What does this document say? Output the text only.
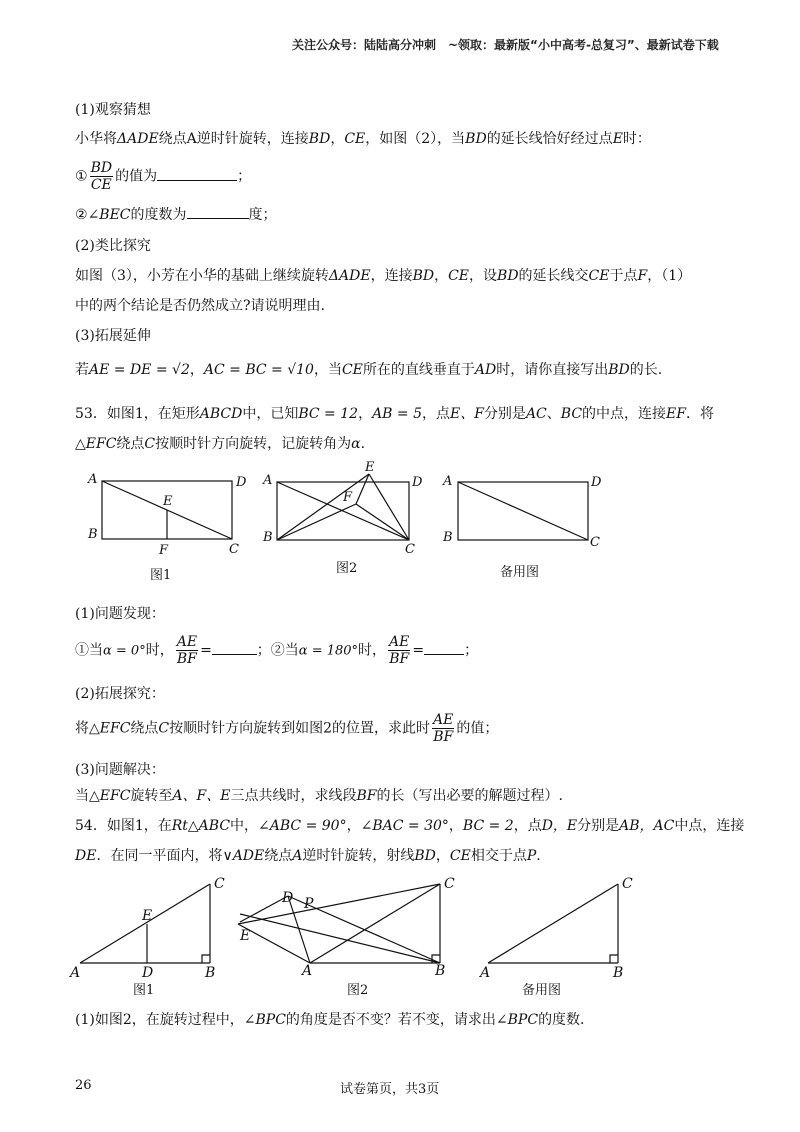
关注公众号：陆陆高分冲刺　~领取：最新版“小中高考-总复习”、最新试卷下载
(1)观察猜想
小华将ΔADE绕点A逆时针旋转，连接BD，CE，如图（2），当BD的延长线恰好经过点E时：
① $\frac{BD}{CE}$ 的值为	；
②∠BEC的度数为	度；
(2)类比探究
如图（3），小芳在小华的基础上继续旋转ΔADE，连接BD，CE，设BD的延长线交CE于点F，（1）
中的两个结论是否仍然成立?请说明理由.
(3)拓展延伸
若AE = DE = √2，AC = BC = √10，当CE所在的直线垂直于AD时，请你直接写出BD的长.
53．如图1，在矩形ABCD中，已知BC = 12，AB = 5，点E、F分别是AC、BC的中点，连接EF．将
△EFC绕点C按顺时针方向旋转，记旋转角为α.
A	D
B
C
E
F
图1
A	D
B
C
E
F
图2
A	D
B	C
备用图
(1)问题发现：
①当α = 0°时， $\frac{AE}{BF}$ =	；②当α = 180°时， $\frac{AE}{BF}$ =	；
(2)拓展探究：
将△EFC绕点C按顺时针方向旋转到如图2的位置，求此时 $\frac{AE}{BF}$ 的值；
(3)问题解决：
当△EFC旋转至A、F、E三点共线时，求线段BF的长（写出必要的解题过程）.
54．如图1，在Rt△ABC中，∠ABC = 90°，∠BAC = 30°，BC = 2，点D，E分别是AB，AC中点，连接
DE．在同一平面内，将∨ADE绕点A逆时针旋转，射线BD，CE相交于点P.
C
E
A	D	B
图1
C
D P
E
A	B
图2
C
A	B
备用图
(1)如图2，在旋转过程中，∠BPC的角度是否不变？若不变，请求出∠BPC的度数.
26	试卷第页，共3页
